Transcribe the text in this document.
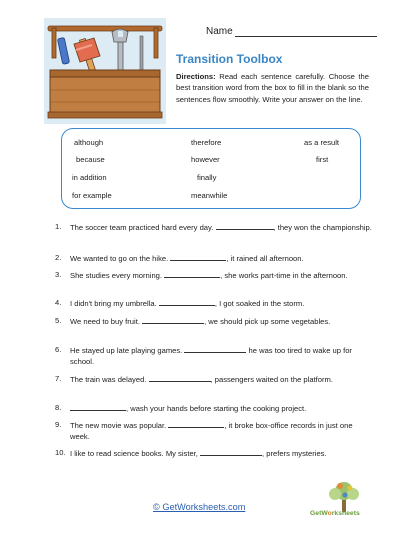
Name
Transition Toolbox
Directions: Read each sentence carefully. Choose the best transition word from the box to fill in the blank so the sentences flow smoothly. Write your answer on the line.
although	therefore	as a result
because	however	first
in addition	finally
for example	meanwhile
1.	The soccer team practiced hard every day.	, they won the championship.
2.	We wanted to go on the hike.	, it rained all afternoon.
3.	She studies every morning.	, she works part-time in the afternoon.
4.	I didn't bring my umbrella.	, I got soaked in the storm.
5.	We need to buy fruit.	, we should pick up some vegetables.
6.	He stayed up late playing games.	he was too tired to wake up for school.
7.	The train was delayed.	, passengers waited on the platform.
8.	, wash your hands before starting the cooking project.
9.	The new movie was popular.	, it broke box-office records in just one week.
10. I like to read science books. My sister,	, prefers mysteries.
© GetWorksheets.com
GetWorksheets
